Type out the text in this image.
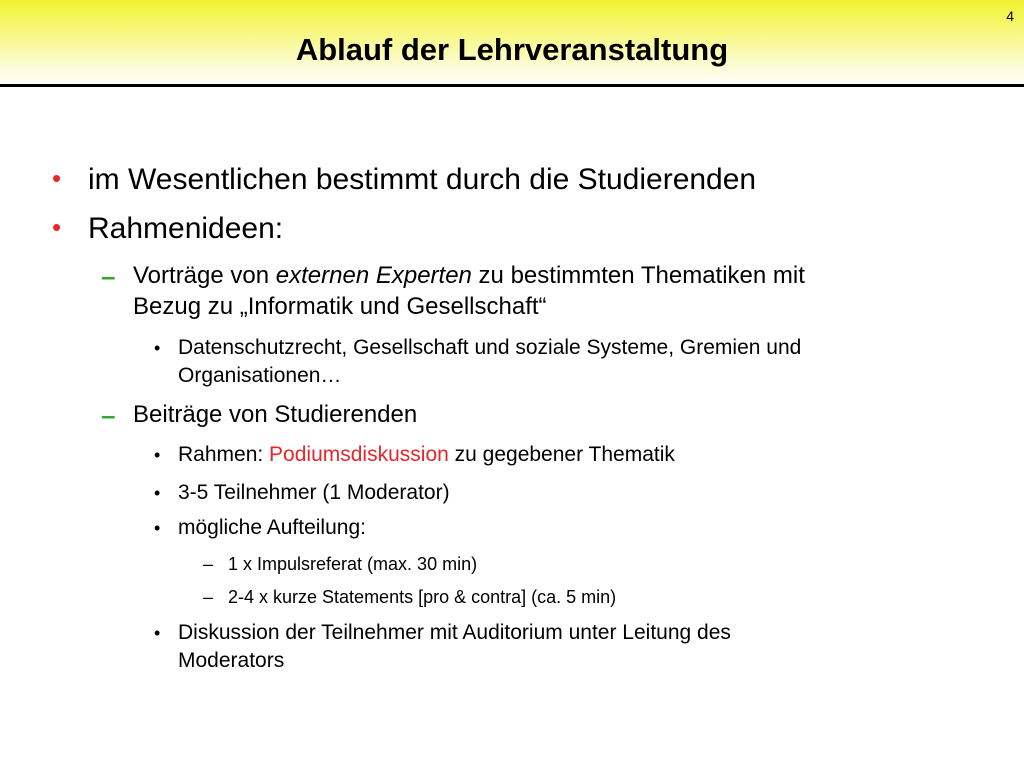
4
Ablauf der Lehrveranstaltung
• im Wesentlichen bestimmt durch die Studierenden
• Rahmenideen:
– Vorträge von externen Experten zu bestimmten Thematiken mit
Bezug zu „Informatik und Gesellschaft“
• Datenschutzrecht, Gesellschaft und soziale Systeme, Gremien und
Organisationen…
– Beiträge von Studierenden
• Rahmen: Podiumsdiskussion zu gegebener Thematik
• 3-5 Teilnehmer (1 Moderator)
• mögliche Aufteilung:
– 1 x Impulsreferat (max. 30 min)
– 2-4 x kurze Statements [pro & contra] (ca. 5 min)
• Diskussion der Teilnehmer mit Auditorium unter Leitung des
Moderators
